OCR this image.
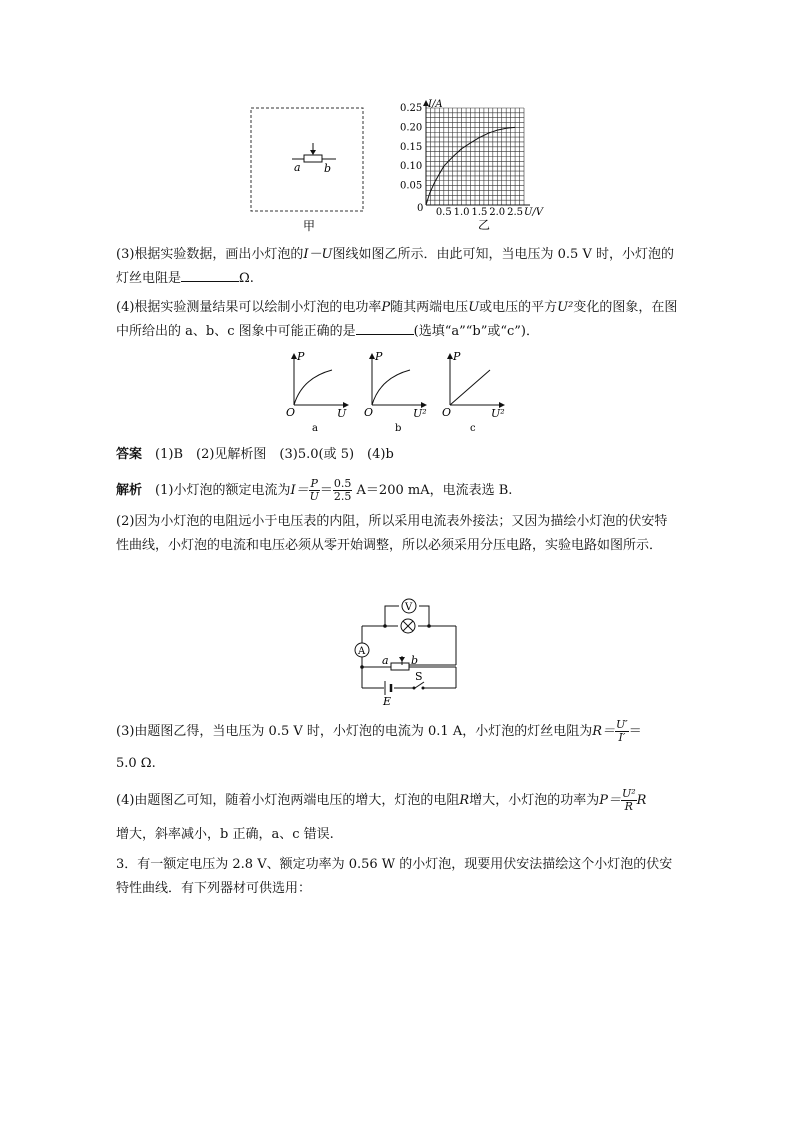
a b
甲
0.5 1.0 1.5 2.0 2.5
0.05
0.10
0.15
0.20
0.25 I/A
U/V
0
乙
(3)根据实验数据，画出小灯泡的I－U图线如图乙所示．由此可知，当电压为 0.5 V 时，小灯泡的灯丝电阻是	Ω.
(4)根据实验测量结果可以绘制小灯泡的电功率P随其两端电压U或电压的平方U²变化的图象，在图中所给出的 a、b、c 图象中可能正确的是	(选填“a”“b”或“c”)．
P
O	U
a
P
O	U²
b
P
O	U²
c
答案　 (1)B　(2)见解析图　(3)5.0(或 5)　(4)b
解析　 (1)小灯泡的额定电流为$I= \frac{P}{U} = \frac{0.5}{2.5} A=200$ mA，电流表选 B.
(2)因为小灯泡的电阻远小于电压表的内阻，所以采用电流表外接法；又因为描绘小灯泡的伏安特性曲线，小灯泡的电流和电压必须从零开始调整，所以必须采用分压电路，实验电路如图所示．
V
A
a b
S
E
(3)由题图乙得，当电压为 0.5 V 时，小灯泡的电流为 0.1 A，小灯泡的灯丝电阻为$R= \frac{U'}{I'}$ ＝
5.0 Ω.
(4)由题图乙可知，随着小灯泡两端电压的增大，灯泡的电阻R增大，小灯泡的功率为$P= \frac{\text{U²}}{R}$ R
增大，斜率减小，b 正确，a、c 错误.
3．有一额定电压为 2.8 V、额定功率为 0.56 W 的小灯泡，现要用伏安法描绘这个小灯泡的伏安特性曲线．有下列器材可供选用：
